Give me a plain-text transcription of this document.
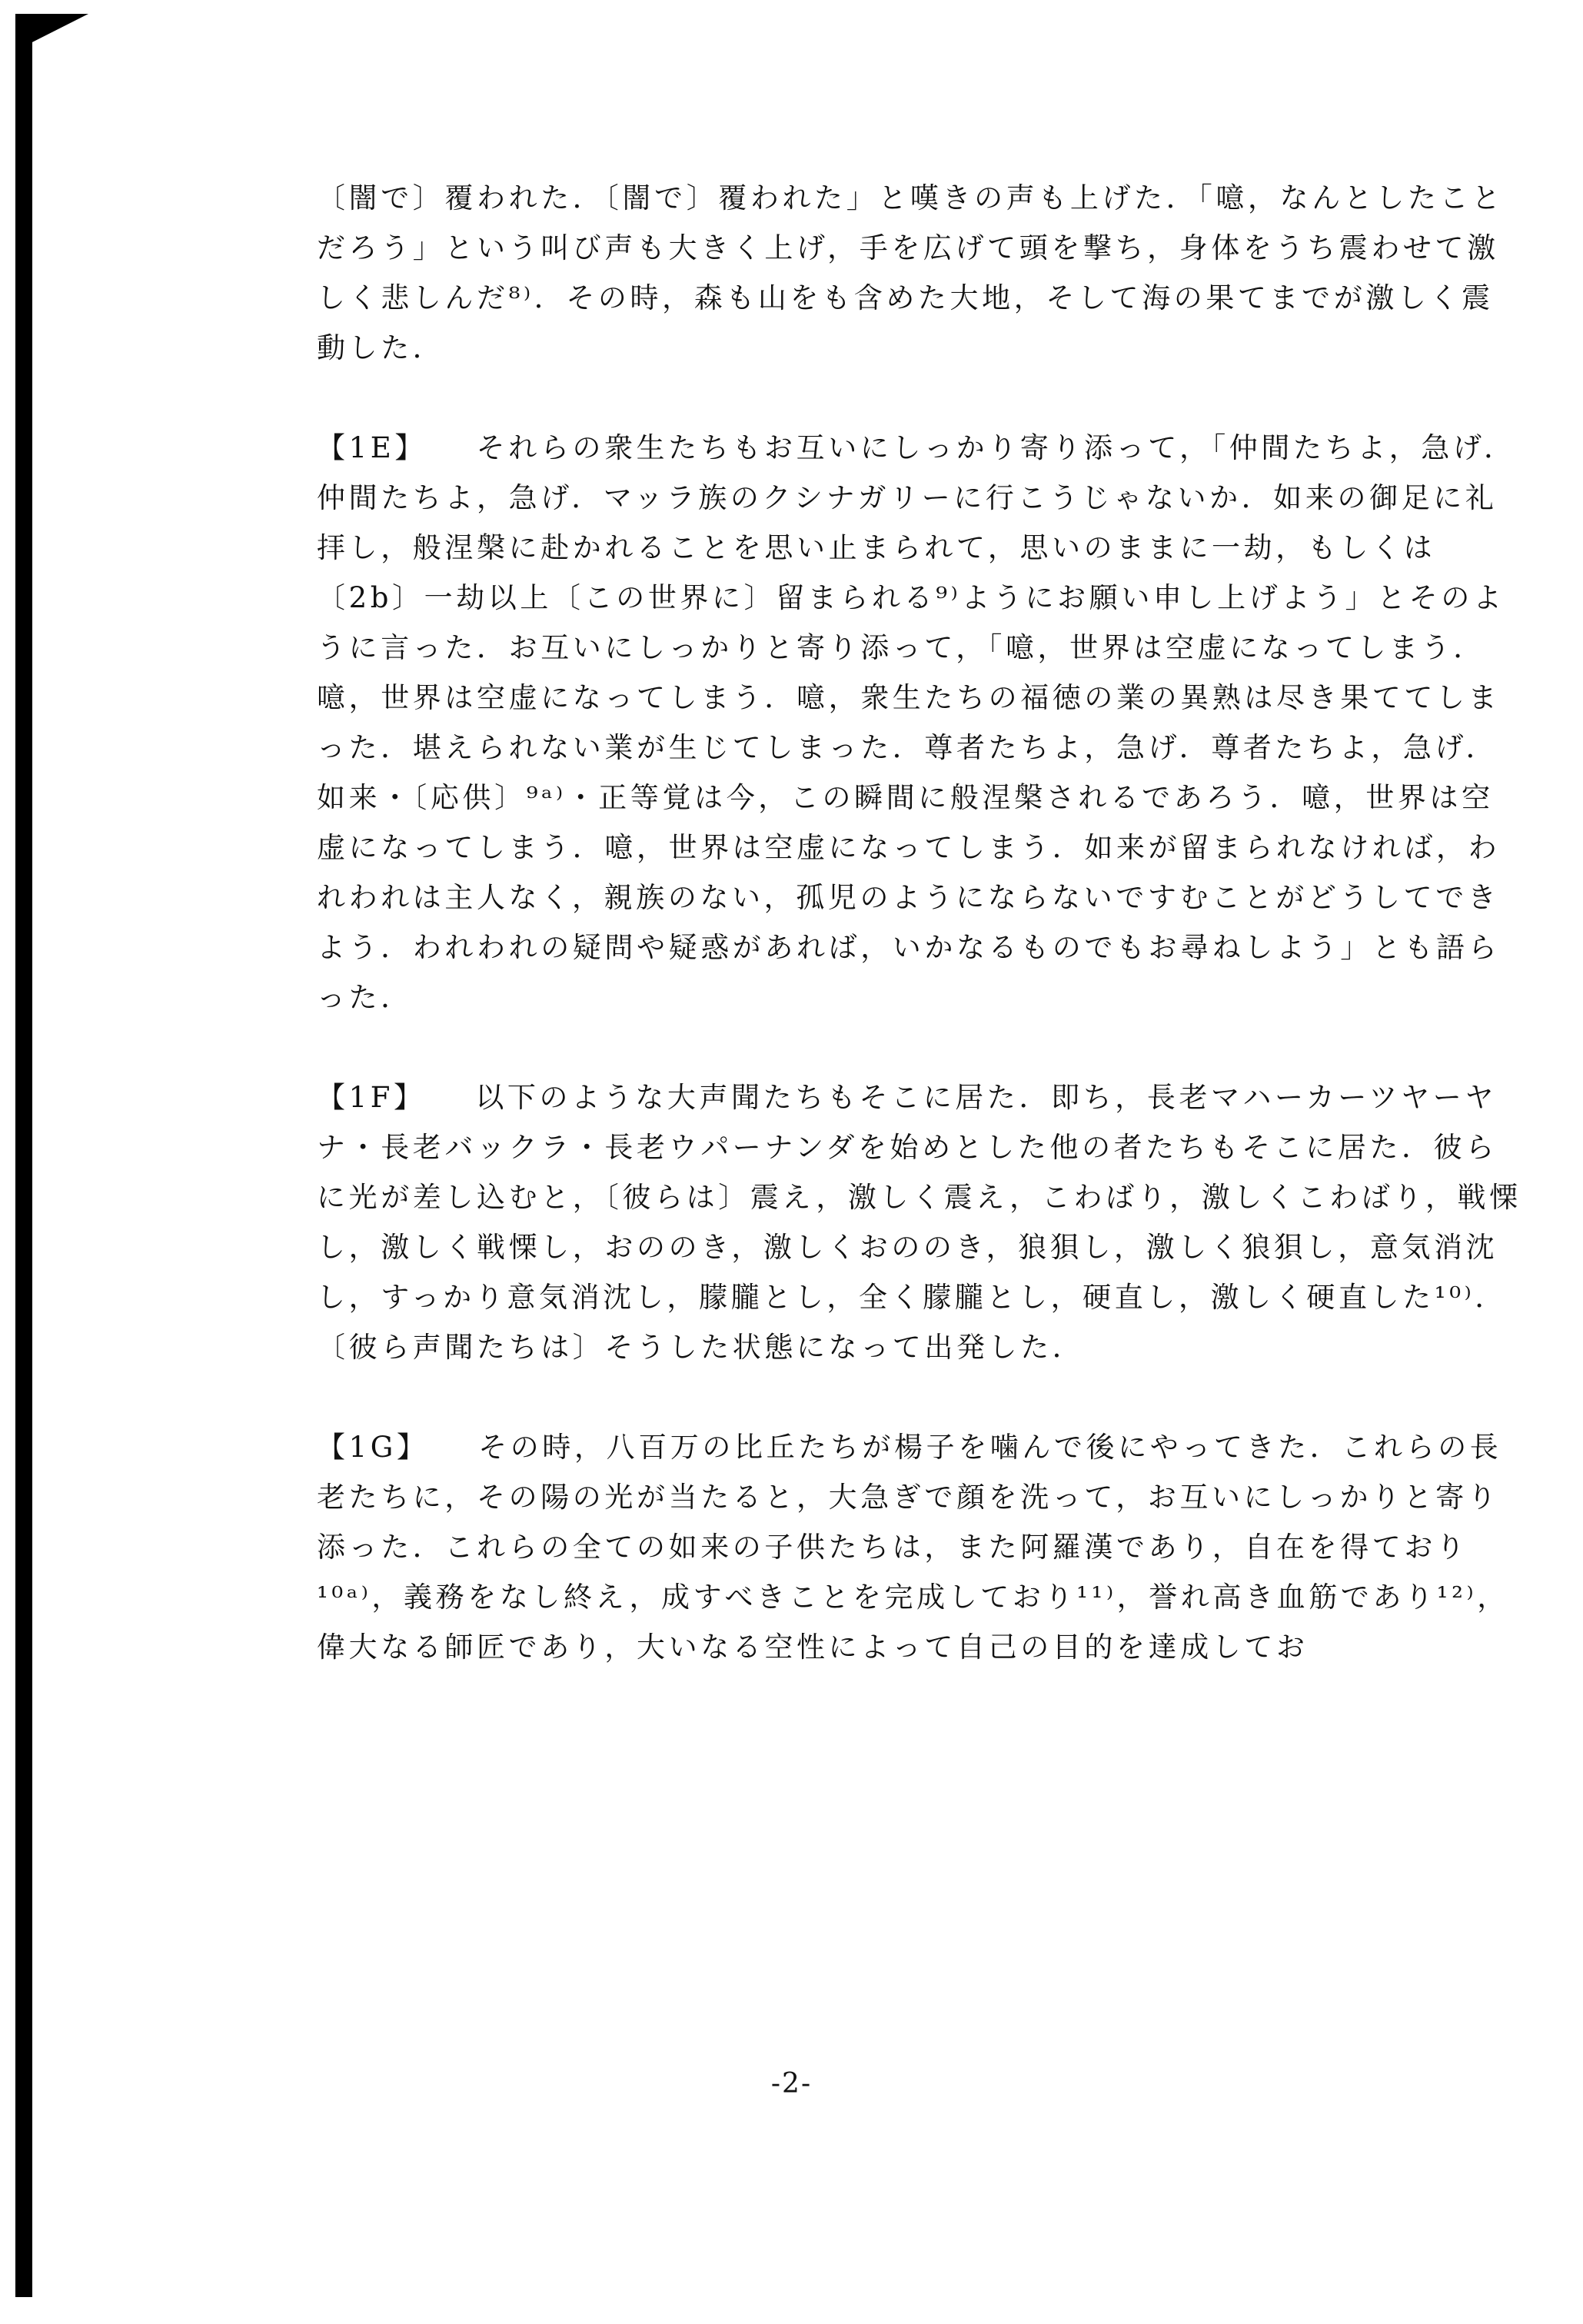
〔闇で〕覆われた．〔闇で〕覆われた」と嘆きの声も上げた．「噫，なんとしたことだろう」という叫び声も大きく上げ，手を広げて頭を撃ち，身体をうち震わせて激しく悲しんだ⁸⁾．その時，森も山をも含めた大地，そして海の果てまでが激しく震動した．

【1E】　　それらの衆生たちもお互いにしっかり寄り添って，「仲間たちよ，急げ．仲間たちよ，急げ．マッラ族のクシナガリーに行こうじゃないか．如来の御足に礼拝し，般涅槃に赴かれることを思い止まられて，思いのままに一劫，もしくは〔2b〕一劫以上〔この世界に〕留まられる⁹⁾ようにお願い申し上げよう」とそのように言った．お互いにしっかりと寄り添って，「噫，世界は空虚になってしまう．噫，世界は空虚になってしまう．噫，衆生たちの福徳の業の異熟は尽き果ててしまった．堪えられない業が生じてしまった．尊者たちよ，急げ．尊者たちよ，急げ．如来・〔応供〕⁹ᵃ⁾・正等覚は今，この瞬間に般涅槃されるであろう．噫，世界は空虚になってしまう．噫，世界は空虚になってしまう．如来が留まられなければ，われわれは主人なく，親族のない，孤児のようにならないですむことがどうしてできよう．われわれの疑問や疑惑があれば，いかなるものでもお尋ねしよう」とも語らった．

【1F】　　以下のような大声聞たちもそこに居た．即ち，長老マハーカーツヤーヤナ・長老バックラ・長老ウパーナンダを始めとした他の者たちもそこに居た．彼らに光が差し込むと，〔彼らは〕震え，激しく震え，こわばり，激しくこわばり，戦慄し，激しく戦慄し，おののき，激しくおののき，狼狽し，激しく狼狽し，意気消沈し，すっかり意気消沈し，朦朧とし，全く朦朧とし，硬直し，激しく硬直した¹⁰⁾．〔彼ら声聞たちは〕そうした状態になって出発した．

【1G】　　その時，八百万の比丘たちが楊子を噛んで後にやってきた．これらの長老たちに，その陽の光が当たると，大急ぎで顔を洗って，お互いにしっかりと寄り添った．これらの全ての如来の子供たちは，また阿羅漢であり，自在を得ており¹⁰ᵃ⁾，義務をなし終え，成すべきことを完成しており¹¹⁾，誉れ高き血筋であり¹²⁾，偉大なる師匠であり，大いなる空性によって自己の目的を達成してお

-2-
